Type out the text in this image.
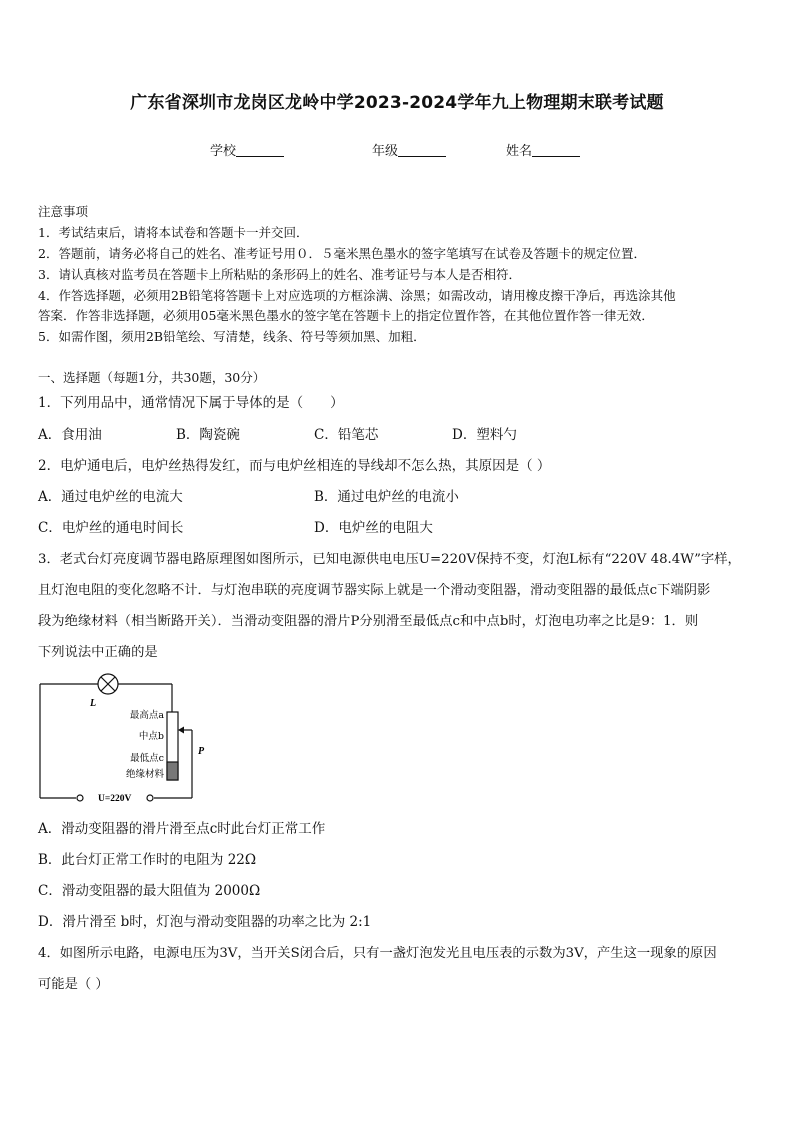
广东省深圳市龙岗区龙岭中学2023-2024学年九上物理期末联考试题
学校	年级	姓名
注意事项
1．考试结束后，请将本试卷和答题卡一并交回．
2．答题前，请务必将自己的姓名、准考证号用０．５毫米黑色墨水的签字笔填写在试卷及答题卡的规定位置．
3．请认真核对监考员在答题卡上所粘贴的条形码上的姓名、准考证号与本人是否相符．
4．作答选择题，必须用2B铅笔将答题卡上对应选项的方框涂满、涂黑；如需改动，请用橡皮擦干净后，再选涂其他
答案．作答非选择题，必须用05毫米黑色墨水的签字笔在答题卡上的指定位置作答，在其他位置作答一律无效．
5．如需作图，须用2B铅笔绘、写清楚，线条、符号等须加黑、加粗．
一、选择题（每题1分，共30题，30分）
1．下列用品中，通常情况下属于导体的是（　　）
A．食用油	B．陶瓷碗	C．铅笔芯	D．塑料勺
2．电炉通电后，电炉丝热得发红，而与电炉丝相连的导线却不怎么热，其原因是（ ）
A．通过电炉丝的电流大	B．通过电炉丝的电流小
C．电炉丝的通电时间长	D．电炉丝的电阻大
3．老式台灯亮度调节器电路原理图如图所示，已知电源供电电压U=220V保持不变，灯泡L标有“220V 48.4W”字样，
且灯泡电阻的变化忽略不计．与灯泡串联的亮度调节器实际上就是一个滑动变阻器，滑动变阻器的最低点c下端阴影
段为绝缘材料（相当断路开关）．当滑动变阻器的滑片P分别滑至最低点c和中点b时，灯泡电功率之比是9：1．则
下列说法中正确的是
L
最高点a
中点b
最低点c
绝缘材料
P
U=220V
A．滑动变阻器的滑片滑至点c时此台灯正常工作
B．此台灯正常工作时的电阻为 22Ω
C．滑动变阻器的最大阻值为 2000Ω
D．滑片滑至 b时，灯泡与滑动变阻器的功率之比为 2:1
4．如图所示电路，电源电压为3V，当开关S闭合后，只有一盏灯泡发光且电压表的示数为3V，产生这一现象的原因
可能是（ ）
